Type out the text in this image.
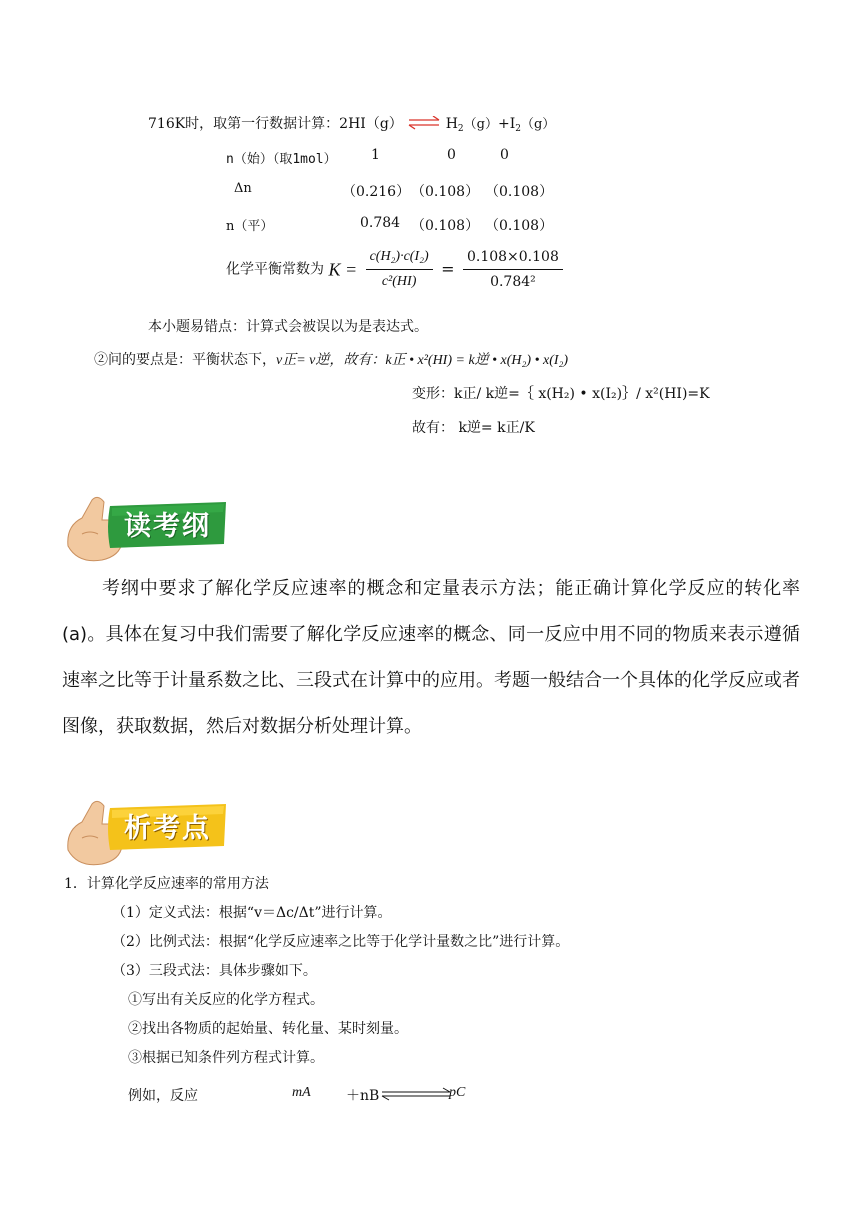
716K时，取第一行数据计算：2HI（g） ⇌ $H_2(g)+I_2(g)$
n（始）（取1mol） 1	0	0
Δn	（0.216） （0.108） （0.108）
n（平）	0.784 （0.108） （0.108）
化学平衡常数为 $K = \frac{\text{c(H₂)·c(I₂)}}{\text{c²(HI)}} = \frac{0.108\times 0.108}{\text{0.784²}}$
本小题易错点：计算式会被误以为是表达式。
②问的要点是：平衡状态下，v正= v逆，故有：k正 • x²(HI) = k逆 • x(H₂) • x(I₂)
变形：k正/ k逆=｛ x(H₂) • x(I₂)｝/ x²(HI)=K
故有： k逆= k正/K
读考纲
考纲中要求了解化学反应速率的概念和定量表示方法；能正确计算化学反应的转化率(a)。具体在复习中我们需要了解化学反应速率的概念、同一反应中用不同的物质来表示遵循速率之比等于计量系数之比、三段式在计算中的应用。考题一般结合一个具体的化学反应或者图像，获取数据，然后对数据分析处理计算。
析考点
1．计算化学反应速率的常用方法
（1）定义式法：根据“v＝Δc/Δt”进行计算。
（2）比例式法：根据“化学反应速率之比等于化学计量数之比”进行计算。
（3）三段式法：具体步骤如下。
①写出有关反应的化学方程式。
②找出各物质的起始量、转化量、某时刻量。
③根据已知条件列方程式计算。
例如，反应	mA	＋nB	pC
